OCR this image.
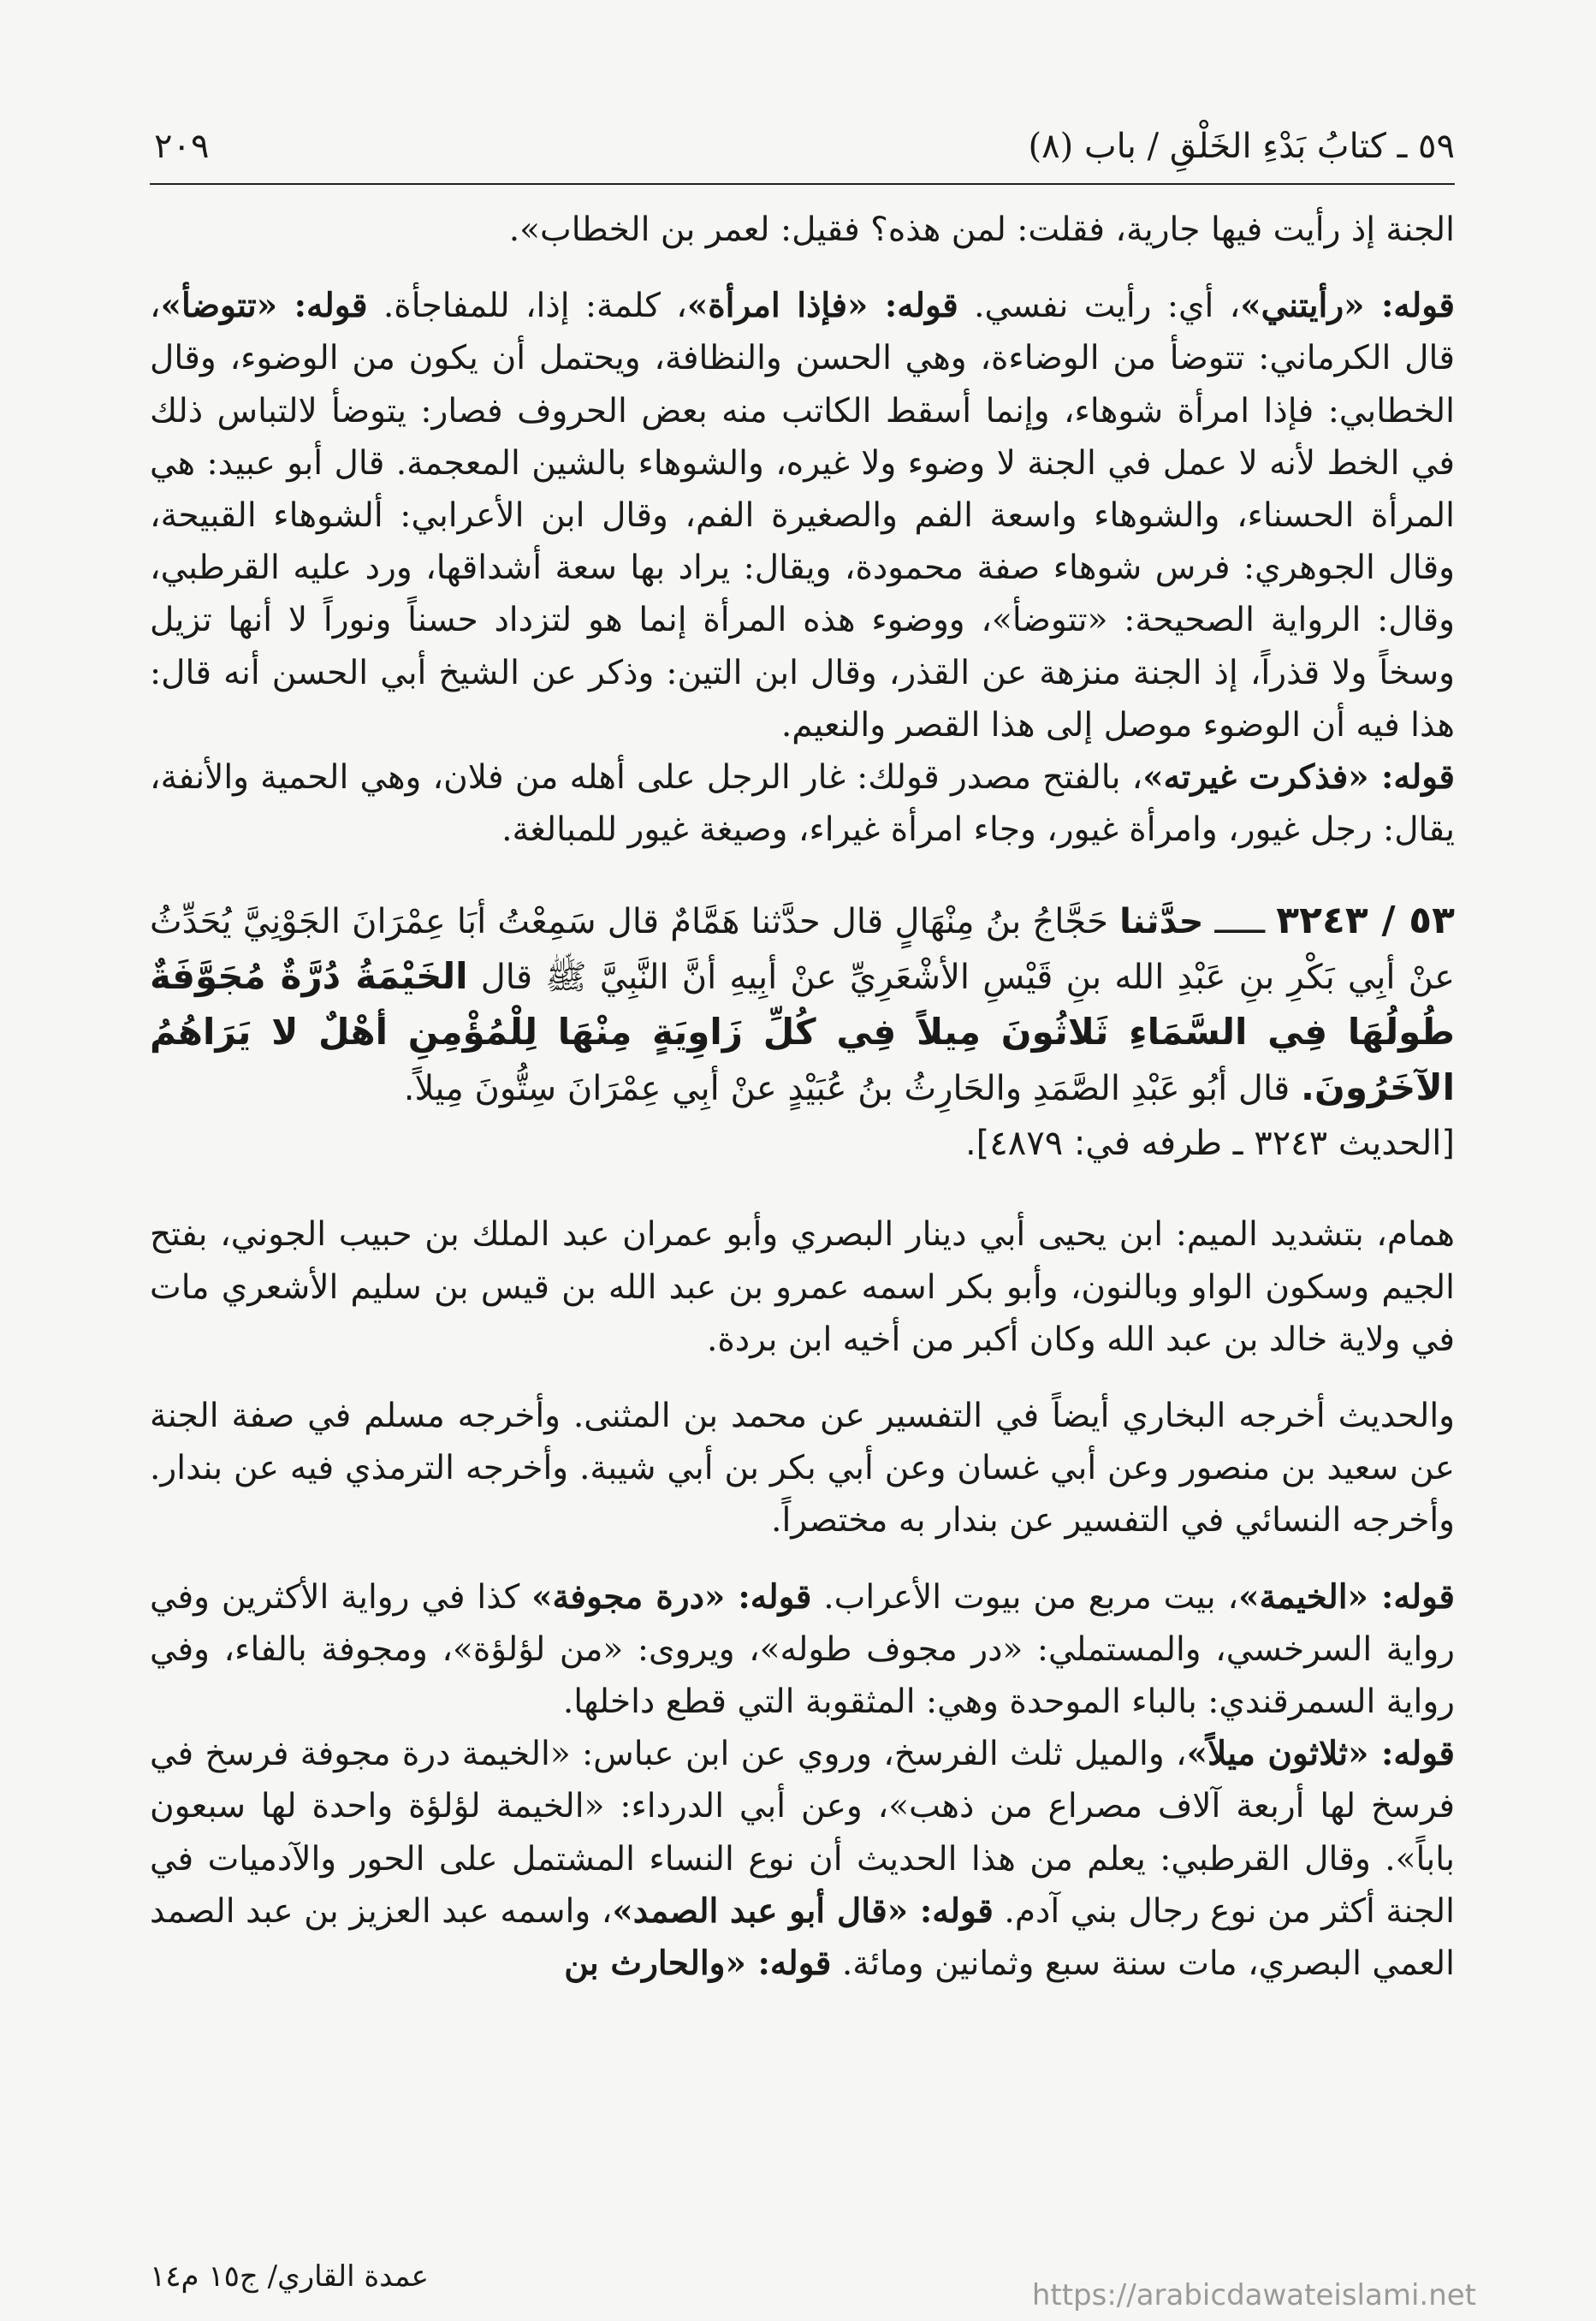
٥٩ ـ كتابُ بَدْءِ الخَلْقِ / باب (٨)
٢٠٩

الجنة إذ رأيت فيها جارية، فقلت: لمن هذه؟ فقيل: لعمر بن الخطاب».

قوله: «رأيتني»، أي: رأيت نفسي. قوله: «فإذا امرأة»، كلمة: إذا، للمفاجأة. قوله: «تتوضأ»، قال الكرماني: تتوضأ من الوضاءة، وهي الحسن والنظافة، ويحتمل أن يكون من الوضوء، وقال الخطابي: فإذا امرأة شوهاء، وإنما أسقط الكاتب منه بعض الحروف فصار: يتوضأ لالتباس ذلك في الخط لأنه لا عمل في الجنة لا وضوء ولا غيره، والشوهاء بالشين المعجمة. قال أبو عبيد: هي المرأة الحسناء، والشوهاء واسعة الفم والصغيرة الفم، وقال ابن الأعرابي: ألشوهاء القبيحة، وقال الجوهري: فرس شوهاء صفة محمودة، ويقال: يراد بها سعة أشداقها، ورد عليه القرطبي، وقال: الرواية الصحيحة: «تتوضأ»، ووضوء هذه المرأة إنما هو لتزداد حسناً ونوراً لا أنها تزيل وسخاً ولا قذراً، إذ الجنة منزهة عن القذر، وقال ابن التين: وذكر عن الشيخ أبي الحسن أنه قال: هذا فيه أن الوضوء موصل إلى هذا القصر والنعيم.

قوله: «فذكرت غيرته»، بالفتح مصدر قولك: غار الرجل على أهله من فلان، وهي الحمية والأنفة، يقال: رجل غيور، وامرأة غيور، وجاء امرأة غيراء، وصيغة غيور للمبالغة.

٥٣ / ٣٢٤٣ ـــــ حدَّثنا حَجَّاجُ بنُ مِنْهَالٍ قال حدَّثنا هَمَّامٌ قال سَمِعْتُ أبَا عِمْرَانَ الجَوْنِيَّ يُحَدِّثُ عنْ أبِي بَكْرِ بنِ عَبْدِ الله بنِ قَيْسِ الأشْعَرِيِّ عنْ أبِيهِ أنَّ النَّبِيَّ ﷺ قال الخَيْمَةُ دُرَّةٌ مُجَوَّفَةٌ طُولُهَا فِي السَّمَاءِ ثَلاثُونَ مِيلاً فِي كُلِّ زَاوِيَةٍ مِنْهَا لِلْمُؤْمِنِ أهْلٌ لا يَرَاهُمُ الآخَرُونَ. قال أبُو عَبْدِ الصَّمَدِ والحَارِثُ بنُ عُبَيْدٍ عنْ أبِي عِمْرَانَ سِتُّونَ مِيلاً.
[الحديث ٣٢٤٣ ـ طرفه في: ٤٨٧٩].

همام، بتشديد الميم: ابن يحيى أبي دينار البصري وأبو عمران عبد الملك بن حبيب الجوني، بفتح الجيم وسكون الواو وبالنون، وأبو بكر اسمه عمرو بن عبد الله بن قيس بن سليم الأشعري مات في ولاية خالد بن عبد الله وكان أكبر من أخيه ابن بردة.

والحديث أخرجه البخاري أيضاً في التفسير عن محمد بن المثنى. وأخرجه مسلم في صفة الجنة عن سعيد بن منصور وعن أبي غسان وعن أبي بكر بن أبي شيبة. وأخرجه الترمذي فيه عن بندار. وأخرجه النسائي في التفسير عن بندار به مختصراً.

قوله: «الخيمة»، بيت مربع من بيوت الأعراب. قوله: «درة مجوفة» كذا في رواية الأكثرين وفي رواية السرخسي، والمستملي: «در مجوف طوله»، ويروى: «من لؤلؤة»، ومجوفة بالفاء، وفي رواية السمرقندي: بالباء الموحدة وهي: المثقوبة التي قطع داخلها.

قوله: «ثلاثون ميلاً»، والميل ثلث الفرسخ، وروي عن ابن عباس: «الخيمة درة مجوفة فرسخ في فرسخ لها أربعة آلاف مصراع من ذهب»، وعن أبي الدرداء: «الخيمة لؤلؤة واحدة لها سبعون باباً». وقال القرطبي: يعلم من هذا الحديث أن نوع النساء المشتمل على الحور والآدميات في الجنة أكثر من نوع رجال بني آدم. قوله: «قال أبو عبد الصمد»، واسمه عبد العزيز بن عبد الصمد العمي البصري، مات سنة سبع وثمانين ومائة. قوله: «والحارث بن

عمدة القاري/ ج١٥ م١٤
https://arabicdawateislami.net
